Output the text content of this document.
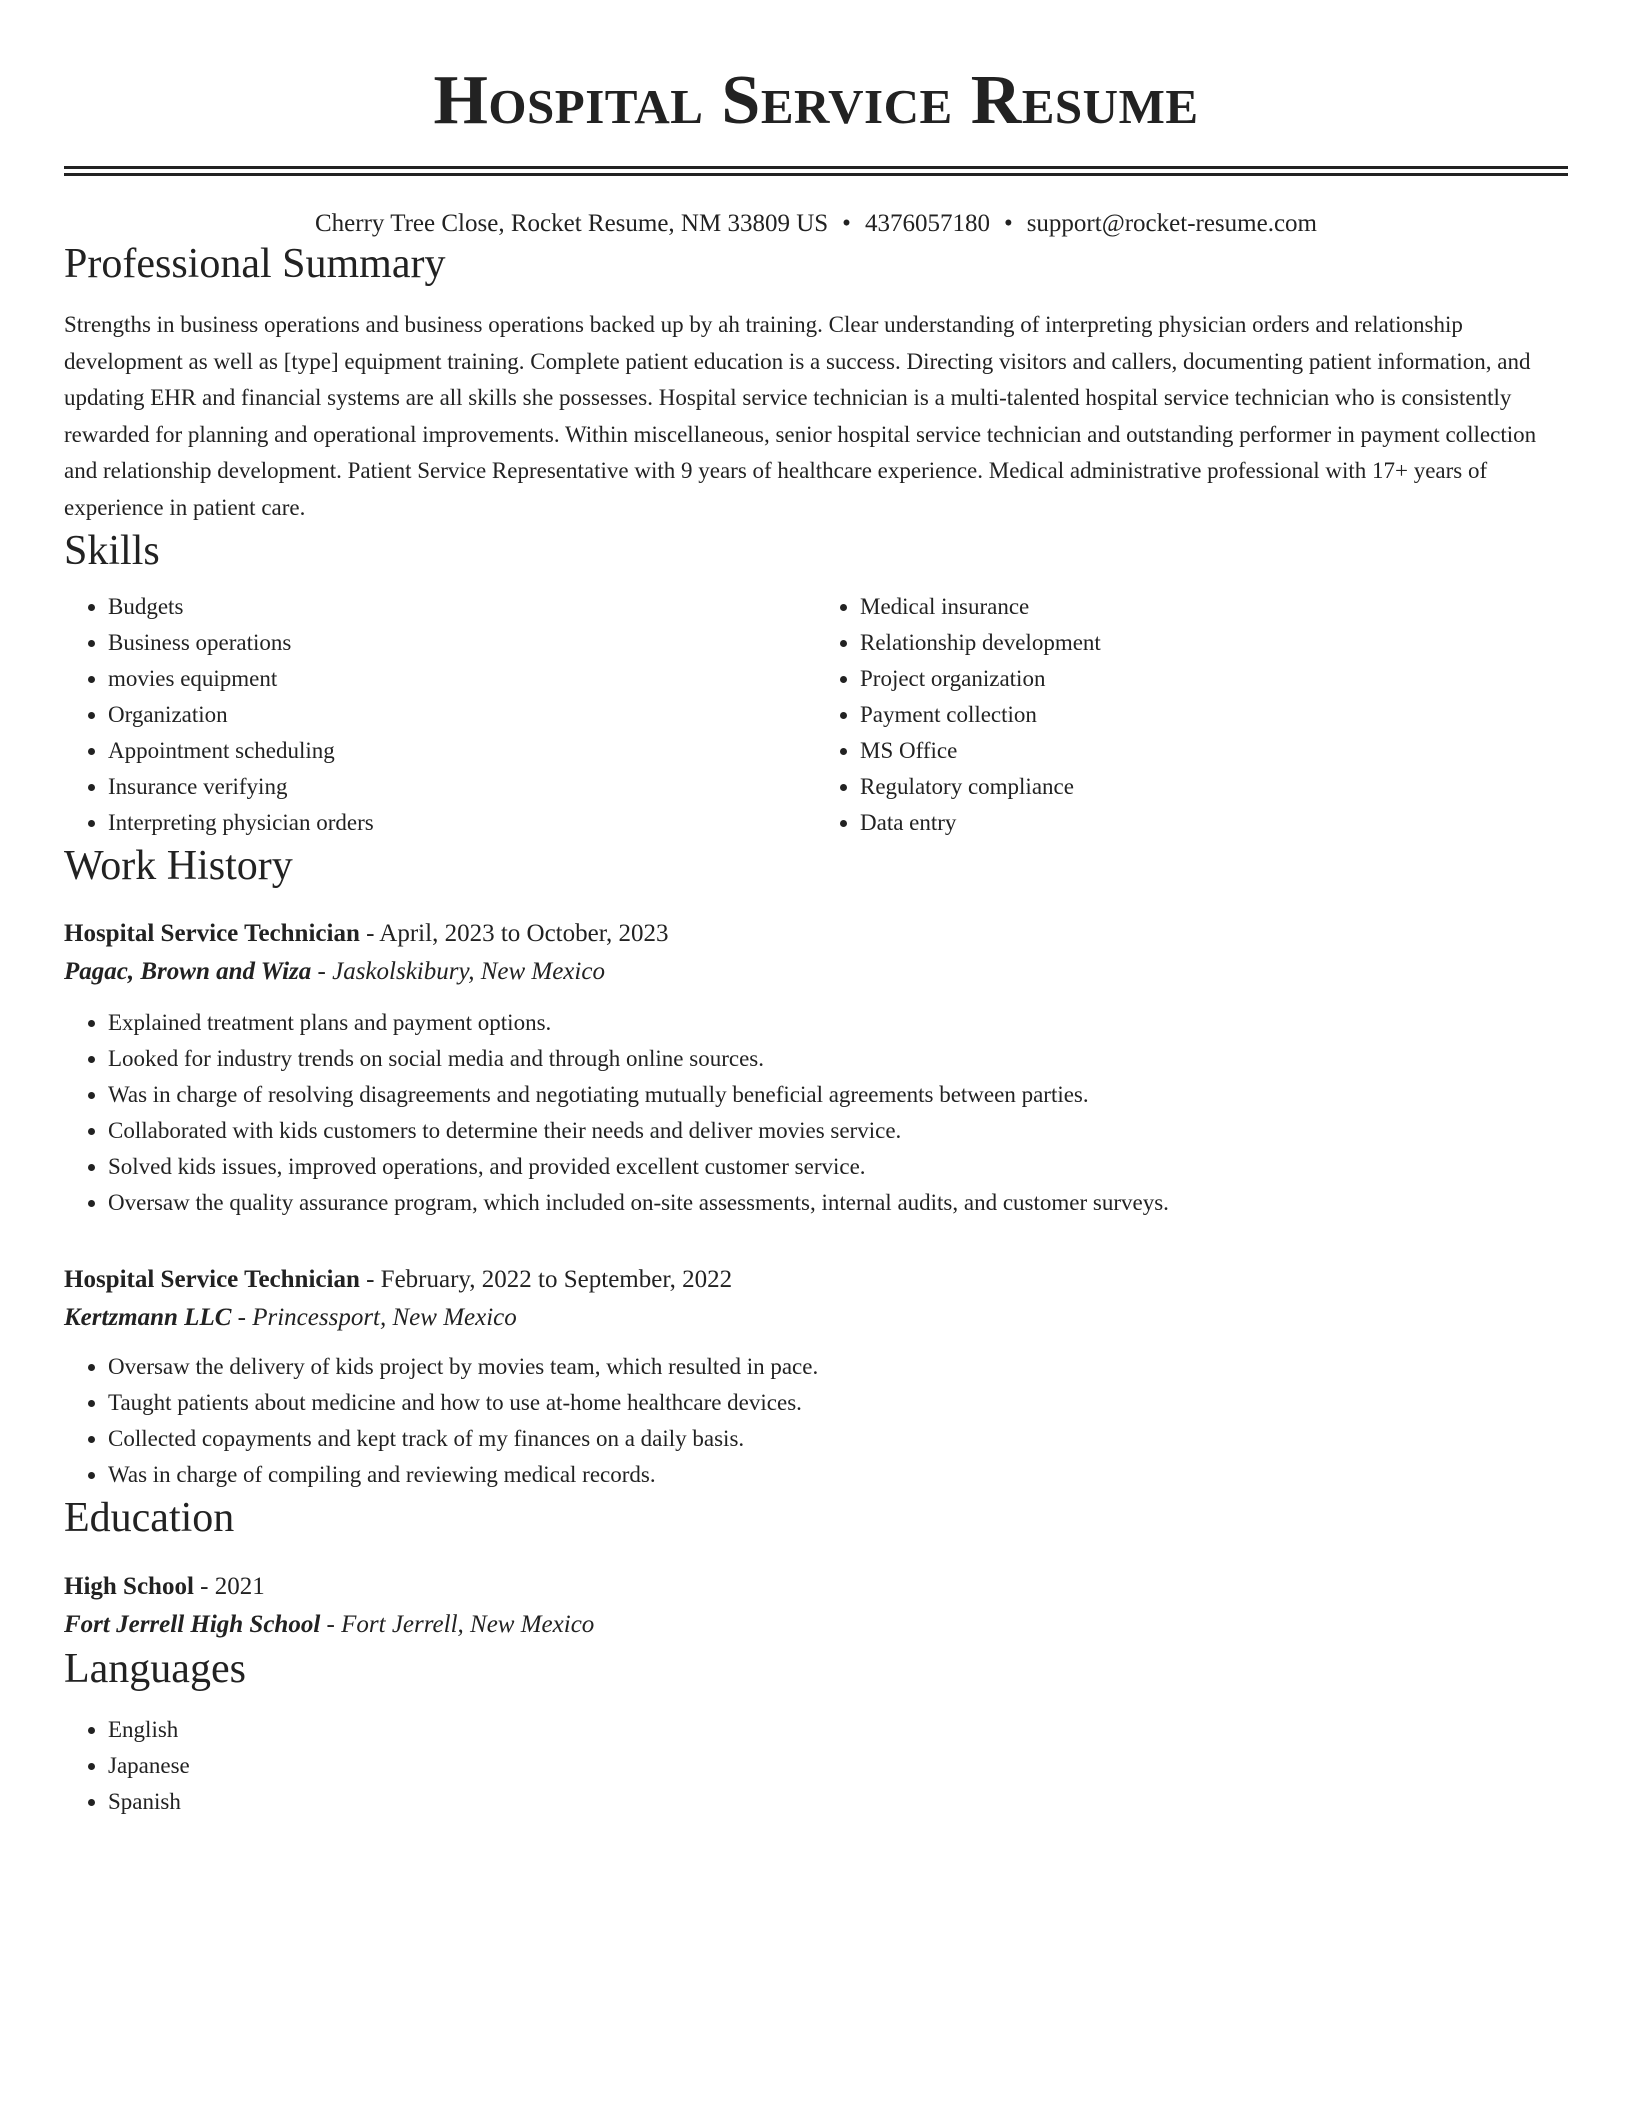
Hospital Service Resume
Cherry Tree Close, Rocket Resume, NM 33809 US • 4376057180 • support@rocket-resume.com
Professional Summary

Strengths in business operations and business operations backed up by ah training. Clear understanding of interpreting physician orders and relationship development as well as [type] equipment training. Complete patient education is a success. Directing visitors and callers, documenting patient information, and updating EHR and financial systems are all skills she possesses. Hospital service technician is a multi-talented hospital service technician who is consistently rewarded for planning and operational improvements. Within miscellaneous, senior hospital service technician and outstanding performer in payment collection and relationship development. Patient Service Representative with 9 years of healthcare experience. Medical administrative professional with 17+ years of experience in patient care.

Skills
• Budgets
• Business operations
• movies equipment
• Organization
• Appointment scheduling
• Insurance verifying
• Interpreting physician orders
• Medical insurance
• Relationship development
• Project organization
• Payment collection
• MS Office
• Regulatory compliance
• Data entry
Work History
Hospital Service Technician - April, 2023 to October, 2023
Pagac, Brown and Wiza - Jaskolskibury, New Mexico
• Explained treatment plans and payment options.
• Looked for industry trends on social media and through online sources.
• Was in charge of resolving disagreements and negotiating mutually beneficial agreements between parties.
• Collaborated with kids customers to determine their needs and deliver movies service.
• Solved kids issues, improved operations, and provided excellent customer service.
• Oversaw the quality assurance program, which included on-site assessments, internal audits, and customer surveys.
Hospital Service Technician - February, 2022 to September, 2022
Kertzmann LLC - Princessport, New Mexico
• Oversaw the delivery of kids project by movies team, which resulted in pace.
• Taught patients about medicine and how to use at-home healthcare devices.
• Collected copayments and kept track of my finances on a daily basis.
• Was in charge of compiling and reviewing medical records.
Education
High School - 2021
Fort Jerrell High School - Fort Jerrell, New Mexico
Languages
• English
• Japanese
• Spanish
